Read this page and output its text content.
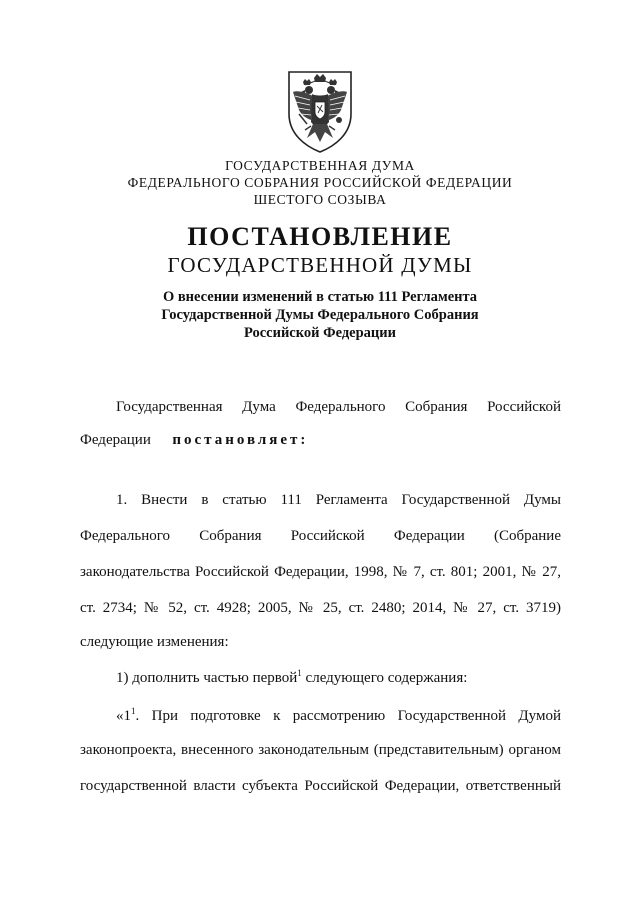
ГОСУДАРСТВЕННАЯ ДУМА
ФЕДЕРАЛЬНОГО СОБРАНИЯ РОССИЙСКОЙ ФЕДЕРАЦИИ
ШЕСТОГО СОЗЫВА
ПОСТАНОВЛЕНИЕ
ГОСУДАРСТВЕННОЙ ДУМЫ
О внесении изменений в статью 111 Регламента
Государственной Думы Федерального Собрания
Российской Федерации
Государственная Дума Федерального Собрания Российской
Федерации постановляет:
1. Внести в статью 111 Регламента Государственной Думы
Федерального Собрания Российской Федерации (Собрание
законодательства Российской Федерации, 1998, № 7, ст. 801; 2001, № 27,
ст. 2734; № 52, ст. 4928; 2005, № 25, ст. 2480; 2014, № 27, ст. 3719)
следующие изменения:
1) дополнить частью первой$^1$ следующего содержания:
«$1^1$. При подготовке к рассмотрению Государственной Думой
законопроекта, внесенного законодательным (представительным) органом
государственной власти субъекта Российской Федерации, ответственный
